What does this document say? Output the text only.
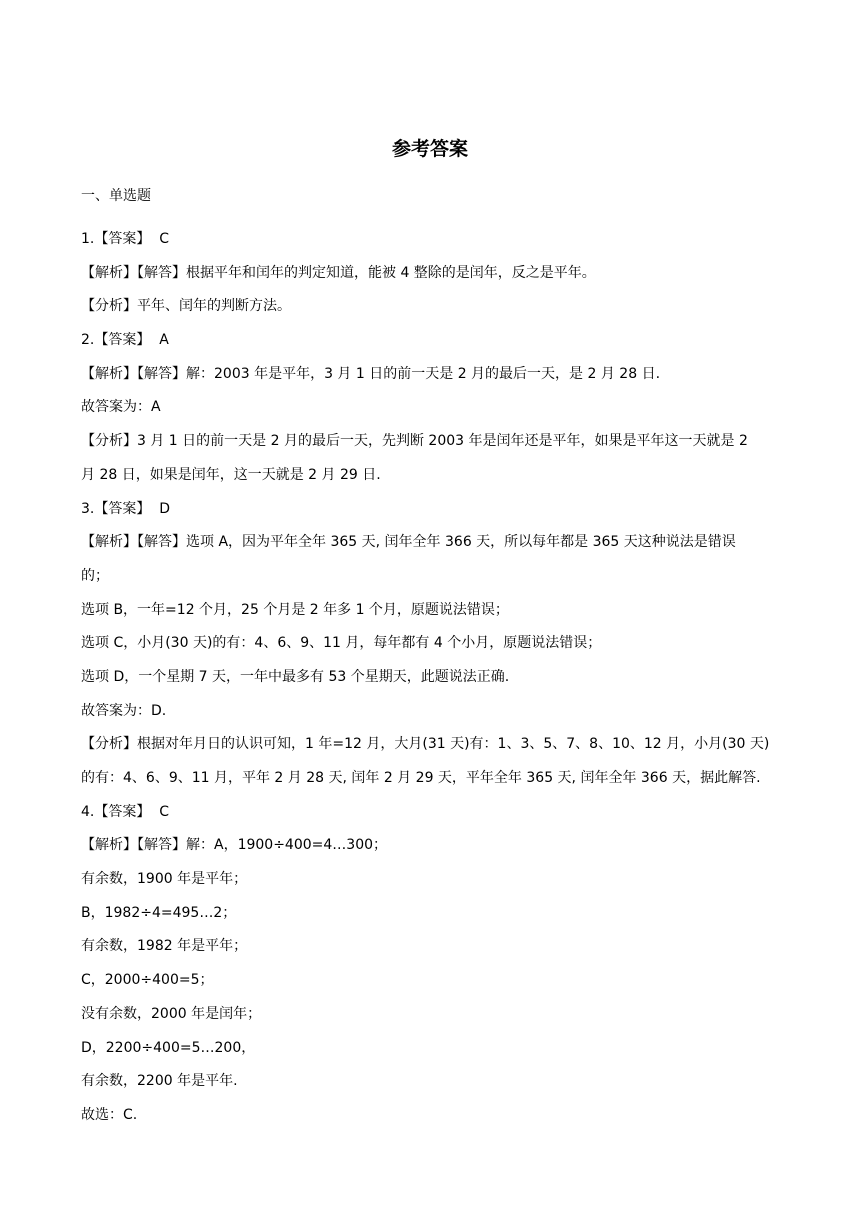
参考答案
一、单选题
1.【答案】  C
【解析】【解答】根据平年和闰年的判定知道，能被 4 整除的是闰年，反之是平年。
【分析】平年、闰年的判断方法。
2.【答案】  A
【解析】【解答】解：2003 年是平年，3 月 1 日的前一天是 2 月的最后一天，是 2 月 28 日.
故答案为：A
【分析】3 月 1 日的前一天是 2 月的最后一天，先判断 2003 年是闰年还是平年，如果是平年这一天就是 2
月 28 日，如果是闰年，这一天就是 2 月 29 日.
3.【答案】  D
【解析】【解答】选项 A，因为平年全年 365 天, 闰年全年 366 天，所以每年都是 365 天这种说法是错误
的；
选项 B，一年=12 个月，25 个月是 2 年多 1 个月，原题说法错误；
选项 C，小月(30 天)的有：4、6、9、11 月，每年都有 4 个小月，原题说法错误；
选项 D，一个星期 7 天，一年中最多有 53 个星期天，此题说法正确.
故答案为：D.
【分析】根据对年月日的认识可知，1 年=12 月，大月(31 天)有：1、3、5、7、8、10、12 月，小月(30 天)
的有：4、6、9、11 月，平年 2 月 28 天, 闰年 2 月 29 天，平年全年 365 天, 闰年全年 366 天，据此解答.
4.【答案】  C
【解析】【解答】解：A，1900÷400=4…300；
有余数，1900 年是平年；
B，1982÷4=495…2；
有余数，1982 年是平年；
C，2000÷400=5；
没有余数，2000 年是闰年；
D，2200÷400=5…200，
有余数，2200 年是平年.
故选：C.
